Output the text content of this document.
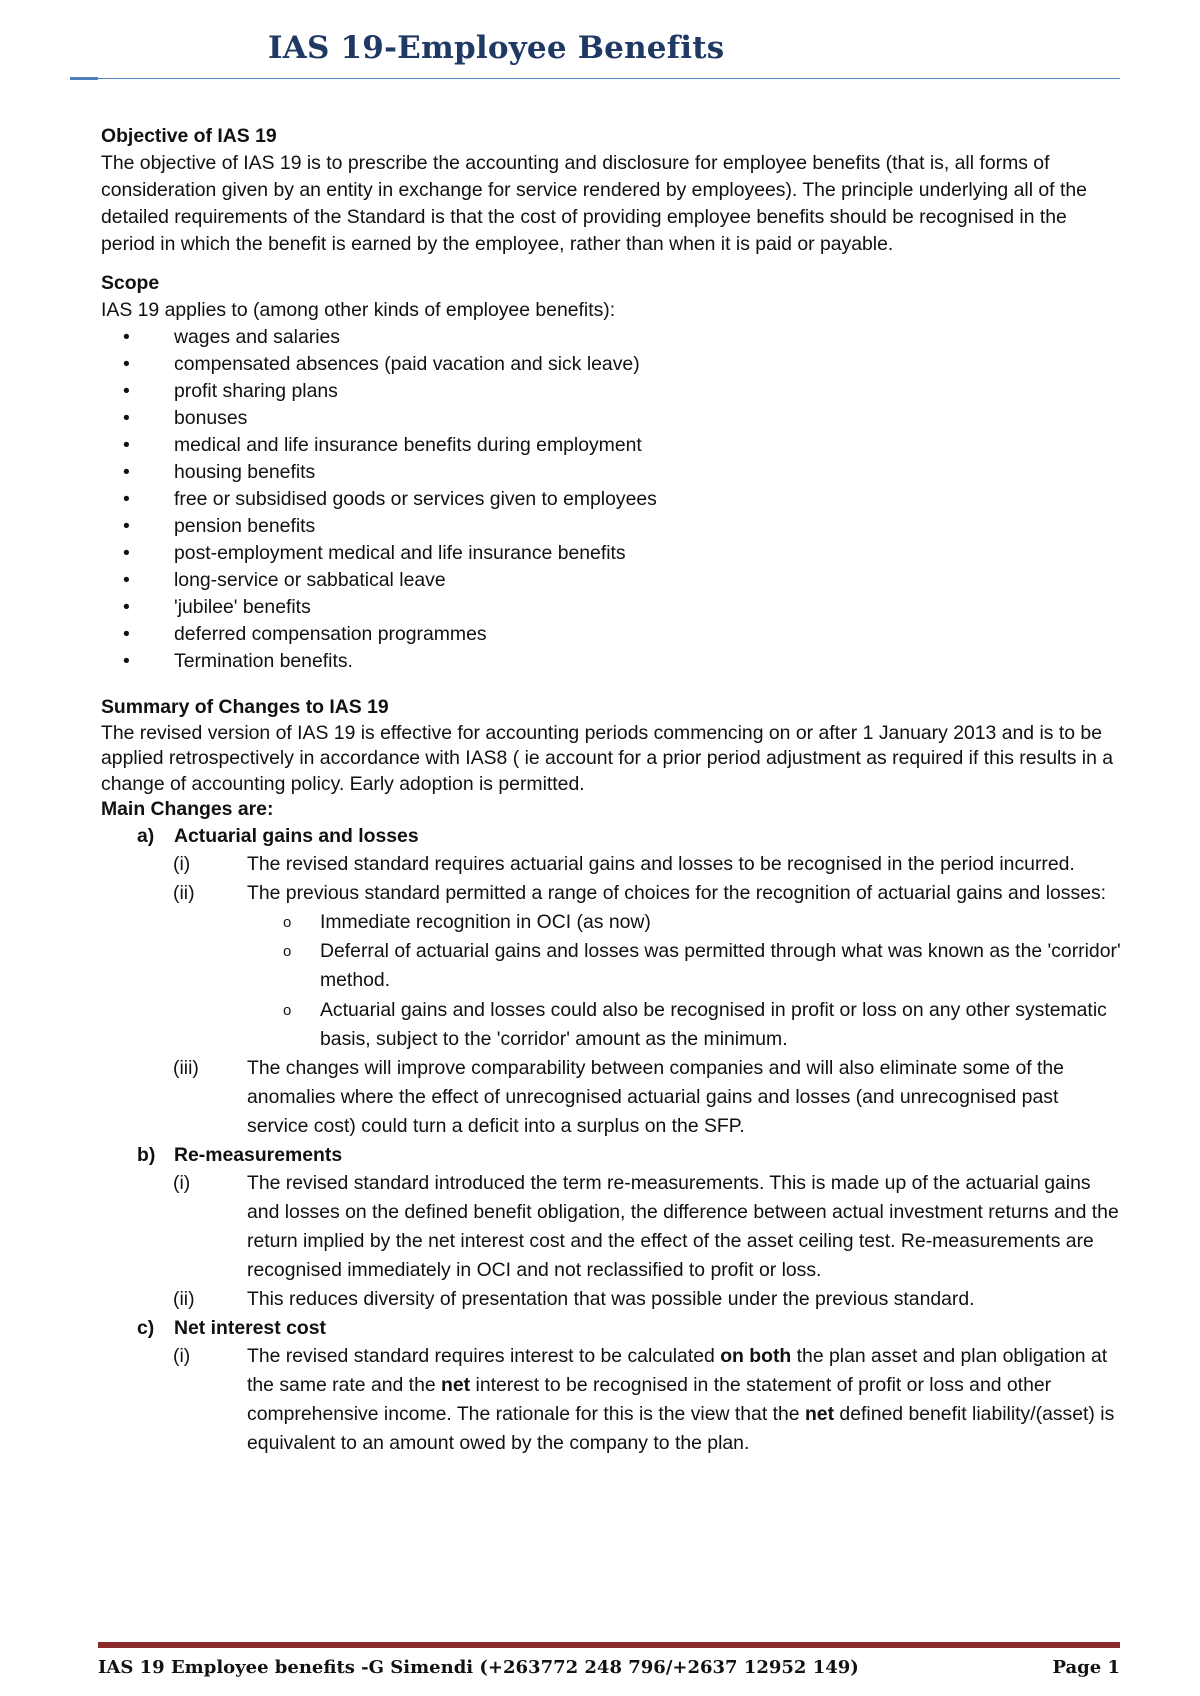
IAS 19-Employee Benefits

Objective of IAS 19

The objective of IAS 19 is to prescribe the accounting and disclosure for employee benefits (that is, all forms of consideration given by an entity in exchange for service rendered by employees). The principle underlying all of the detailed requirements of the Standard is that the cost of providing employee benefits should be recognised in the period in which the benefit is earned by the employee, rather than when it is paid or payable.

Scope

IAS 19 applies to (among other kinds of employee benefits):

• wages and salaries
• compensated absences (paid vacation and sick leave)
• profit sharing plans
• bonuses
• medical and life insurance benefits during employment
• housing benefits
• free or subsidised goods or services given to employees
• pension benefits
• post-employment medical and life insurance benefits
• long-service or sabbatical leave
• 'jubilee' benefits
• deferred compensation programmes
• Termination benefits.

Summary of Changes to IAS 19

The revised version of IAS 19 is effective for accounting periods commencing on or after 1 January 2013 and is to be applied retrospectively in accordance with IAS8 ( ie account for a prior period adjustment as required if this results in a change of accounting policy. Early adoption is permitted.

Main Changes are:

a) Actuarial gains and losses
(i)	The revised standard requires actuarial gains and losses to be recognised in the period incurred.
(ii)	The previous standard permitted a range of choices for the recognition of actuarial gains and losses:
o Immediate recognition in OCI (as now)
o Deferral of actuarial gains and losses was permitted through what was known as the 'corridor' method.
o Actuarial gains and losses could also be recognised in profit or loss on any other systematic basis, subject to the 'corridor' amount as the minimum.
(iii) The changes will improve comparability between companies and will also eliminate some of the anomalies where the effect of unrecognised actuarial gains and losses (and unrecognised past service cost) could turn a deficit into a surplus on the SFP.
b) Re-measurements
(i)	The revised standard introduced the term re-measurements. This is made up of the actuarial gains and losses on the defined benefit obligation, the difference between actual investment returns and the return implied by the net interest cost and the effect of the asset ceiling test. Re-measurements are recognised immediately in OCI and not reclassified to profit or loss.
(ii)	This reduces diversity of presentation that was possible under the previous standard.
c) Net interest cost
(i)	The revised standard requires interest to be calculated on both the plan asset and plan obligation at the same rate and the net interest to be recognised in the statement of profit or loss and other comprehensive income. The rationale for this is the view that the net defined benefit liability/(asset) is equivalent to an amount owed by the company to the plan.

IAS 19 Employee benefits -G Simendi (+263772 248 796/+2637 12952 149)	Page 1
